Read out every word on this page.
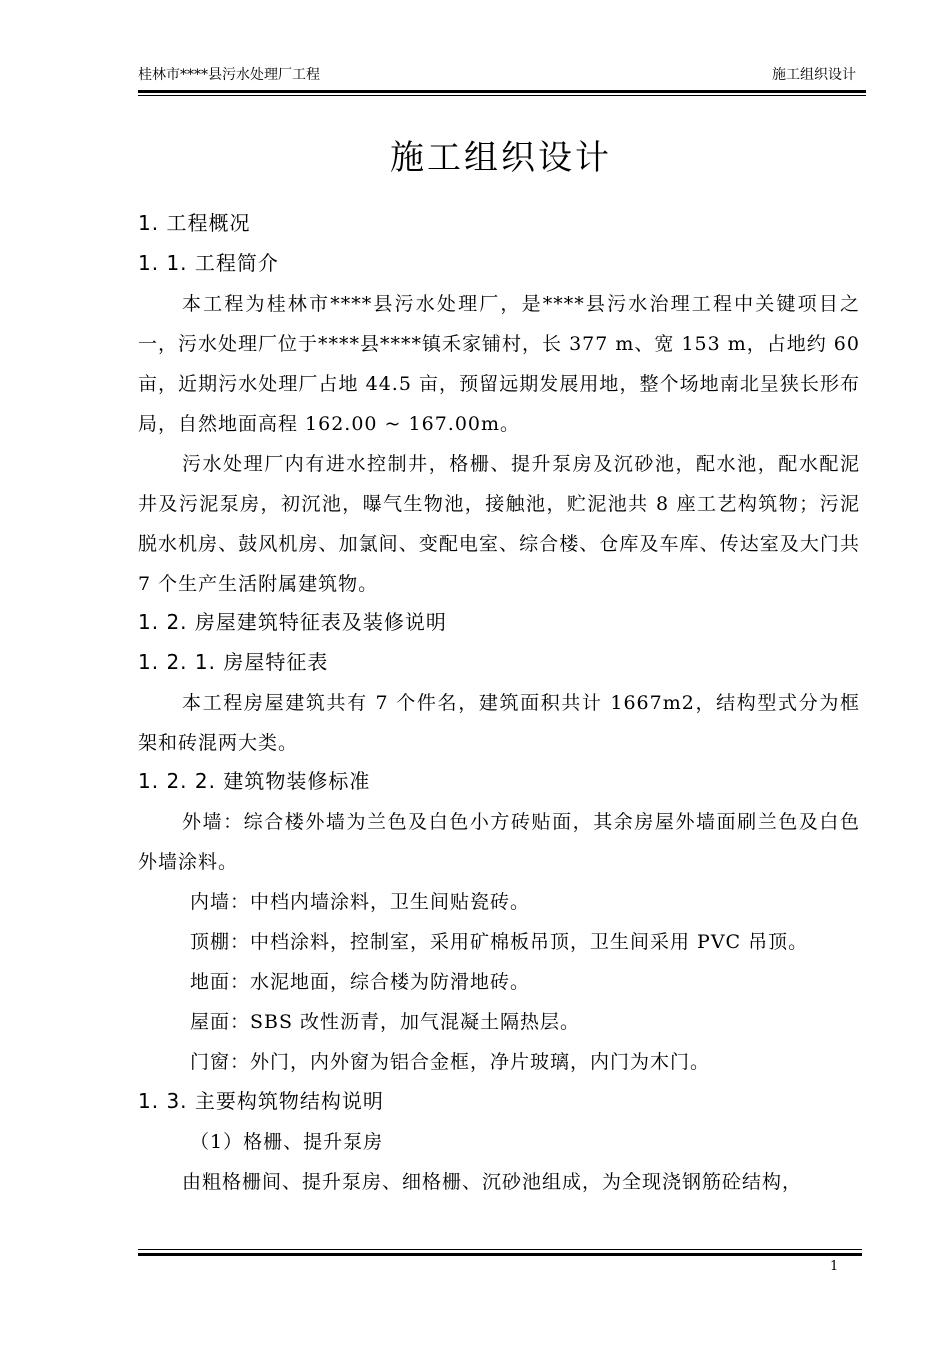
桂林市****县污水处理厂工程	施工组织设计
施工组织设计
1. 工程概况
1. 1. 工程简介
本工程为桂林市****县污水处理厂，是****县污水治理工程中关键项目之一，污水处理厂位于****县****镇禾家铺村，长 377 m、宽 153 m，占地约 60 亩，近期污水处理厂占地 44.5 亩，预留远期发展用地，整个场地南北呈狭长形布局，自然地面高程 162.00 ~ 167.00m。
污水处理厂内有进水控制井，格栅、提升泵房及沉砂池，配水池，配水配泥井及污泥泵房，初沉池，曝气生物池，接触池，贮泥池共 8 座工艺构筑物；污泥脱水机房、鼓风机房、加氯间、变配电室、综合楼、仓库及车库、传达室及大门共 7 个生产生活附属建筑物。
1. 2. 房屋建筑特征表及装修说明
1. 2. 1. 房屋特征表
本工程房屋建筑共有 7 个件名，建筑面积共计 1667m2，结构型式分为框架和砖混两大类。
1. 2. 2. 建筑物装修标准
外墙：综合楼外墙为兰色及白色小方砖贴面，其余房屋外墙面刷兰色及白色外墙涂料。
内墙：中档内墙涂料，卫生间贴瓷砖。
顶棚：中档涂料，控制室，采用矿棉板吊顶，卫生间采用 PVC 吊顶。
地面：水泥地面，综合楼为防滑地砖。
屋面：SBS 改性沥青，加气混凝土隔热层。
门窗：外门，内外窗为铝合金框，净片玻璃，内门为木门。
1. 3. 主要构筑物结构说明
（1）格栅、提升泵房
由粗格栅间、提升泵房、细格栅、沉砂池组成，为全现浇钢筋砼结构，
1
